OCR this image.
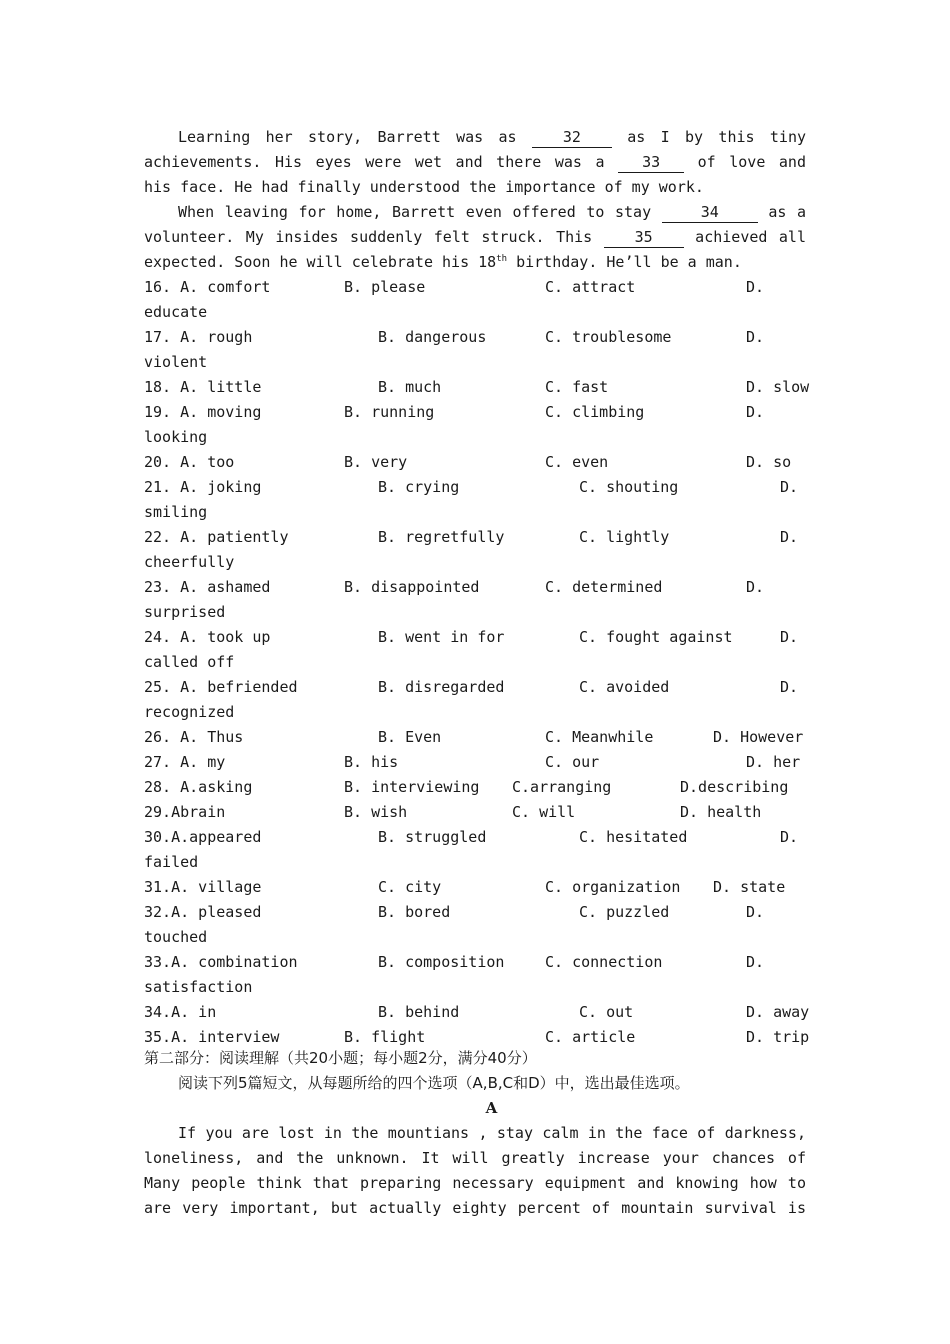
Learning her story, Barrett was as 32	as I by this tiny
achievements. His eyes were wet and there was a	33	of love and
his face. He had finally understood the importance of my work.
When leaving for home, Barrett even offered to stay	34	as a
volunteer. My insides suddenly felt struck. This	35	achieved all
expected. Soon he will celebrate his 18th birthday. He’ll be a man.
16. A. comfort	B. please	C. attract	D.
educate
17. A. rough	B. dangerous	C. troublesome	D.
violent
18. A. little	B. much	C. fast	D. slow
19. A. moving	B. running	C. climbing	D.
looking
20. A. too	B. very	C. even	D. so
21. A. joking	B. crying	C. shouting	D.
smiling
22. A. patiently	B. regretfully	C. lightly	D.
cheerfully
23. A. ashamed	B. disappointed	C. determined	D.
surprised
24. A. took up	B. went in for	C. fought against	D.
called off
25. A. befriended	B. disregarded	C. avoided	D.
recognized
26. A. Thus	B. Even	C. Meanwhile	D. However
27. A. my	B. his	C. our	D. her
28. A.asking	B. interviewing C.arranging	D.describing
29.Abrain	B. wish	C. will	D. health
30.A.appeared	B. struggled	C. hesitated	D.
failed
31.A. village	C. city	C. organization D. state
32.A. pleased	B. bored	C. puzzled	D.
touched
33.A. combination	B. composition	C. connection	D.
satisfaction
34.A. in	B. behind	C. out	D. away
35.A. interview	B. flight	C. article	D. trip
第二部分：阅读理解（共20小题；每小题2分，满分40分）
阅读下列5篇短文，从每题所给的四个选项（A,B,C和D）中，选出最佳选项。
A
If you are lost in the mountians , stay calm in the face of darkness,
loneliness, and the unknown. It will greatly increase your chances of
Many people think that preparing necessary equipment and knowing how to
are very important, but actually eighty percent of mountain survival is
